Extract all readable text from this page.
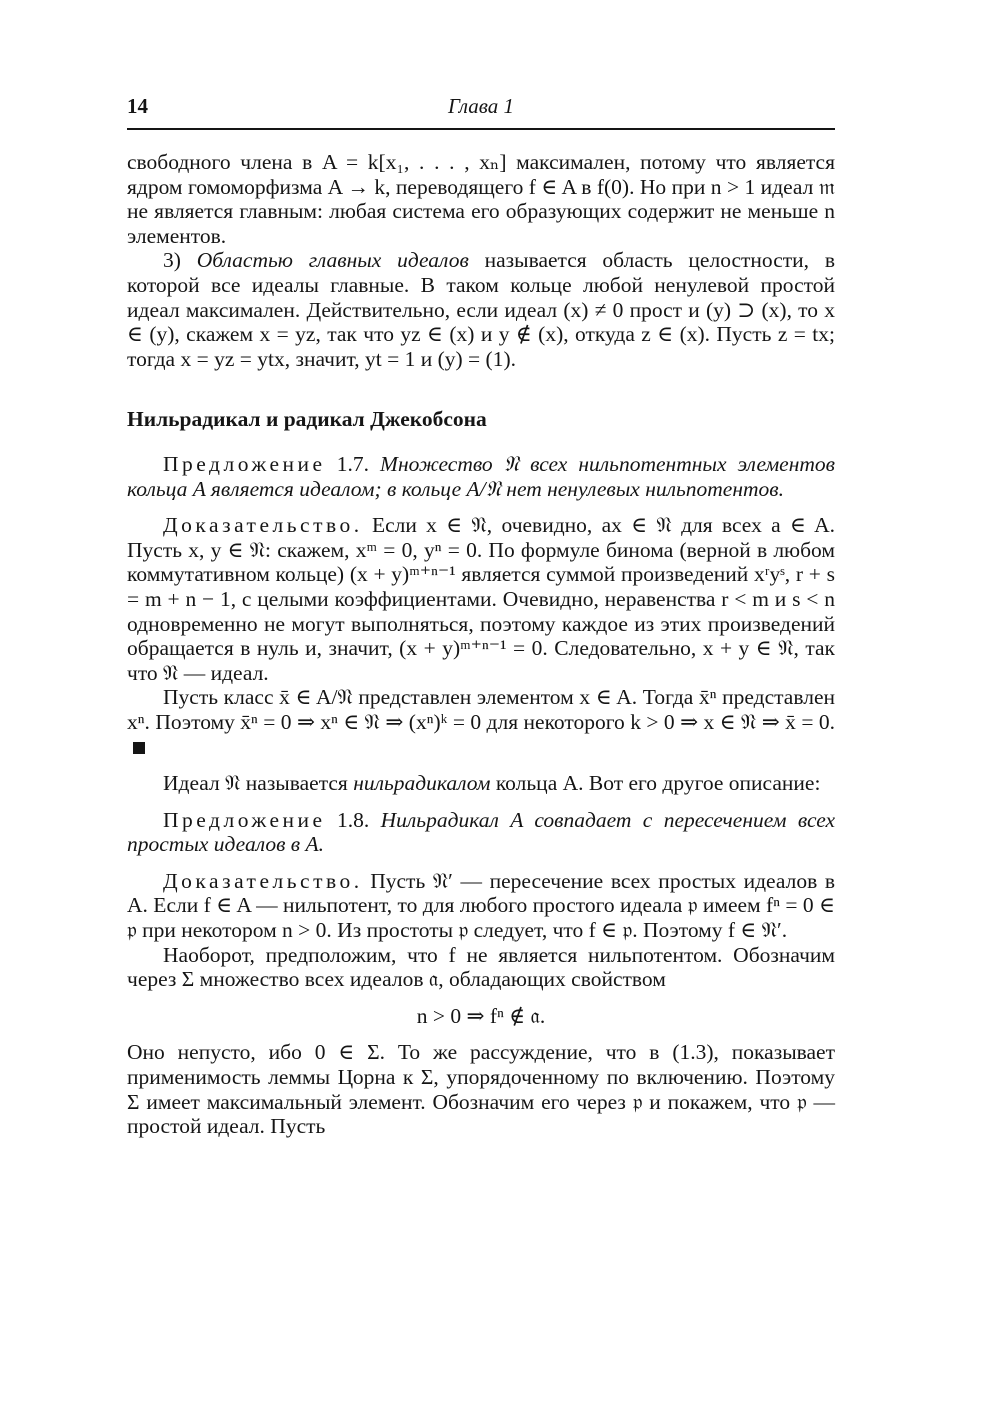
14	Глава 1

свободного члена в A = k[x₁, . . . , xₙ] максимален, потому что является ядром гомоморфизма A → k, переводящего f ∈ A в f(0). Но при n > 1 идеал 𝔪 не является главным: любая система его образующих содержит не меньше n элементов.

3) Областью главных идеалов называется область целостности, в которой все идеалы главные. В таком кольце любой ненулевой простой идеал максимален. Действительно, если идеал (x) ≠ 0 прост и (y) ⊃ (x), то x ∈ (y), скажем x = yz, так что yz ∈ (x) и y ∉ (x), откуда z ∈ (x). Пусть z = tx; тогда x = yz = ytx, значит, yt = 1 и (y) = (1).

Нильрадикал и радикал Джекобсона

Предложение 1.7. Множество 𝔑 всех нильпотентных элементов кольца A является идеалом; в кольце A/𝔑 нет ненулевых нильпотентов.

Доказательство. Если x ∈ 𝔑, очевидно, ax ∈ 𝔑 для всех a ∈ A. Пусть x, y ∈ 𝔑: скажем, xᵐ = 0, yⁿ = 0. По формуле бинома (верной в любом коммутативном кольце) (x + y)ᵐ⁺ⁿ⁻¹ является суммой произведений xʳyˢ, r + s = m + n − 1, с целыми коэффициентами. Очевидно, неравенства r < m и s < n одновременно не могут выполняться, поэтому каждое из этих произведений обращается в нуль и, значит, (x + y)ᵐ⁺ⁿ⁻¹ = 0. Следовательно, x + y ∈ 𝔑, так что 𝔑 — идеал.

Пусть класс x̄ ∈ A/𝔑 представлен элементом x ∈ A. Тогда x̄ⁿ представлен xⁿ. Поэтому x̄ⁿ = 0 ⇒ xⁿ ∈ 𝔑 ⇒ (xⁿ)ᵏ = 0 для некоторого k > 0 ⇒ x ∈ 𝔑 ⇒ x̄ = 0.

Идеал 𝔑 называется нильрадикалом кольца A. Вот его другое описание:

Предложение 1.8. Нильрадикал A совпадает с пересечением всех простых идеалов в A.

Доказательство. Пусть 𝔑′ — пересечение всех простых идеалов в A. Если f ∈ A — нильпотент, то для любого простого идеала 𝔭 имеем fⁿ = 0 ∈ 𝔭 при некотором n > 0. Из простоты 𝔭 следует, что f ∈ 𝔭. Поэтому f ∈ 𝔑′.

Наоборот, предположим, что f не является нильпотентом. Обозначим через Σ множество всех идеалов 𝔞, обладающих свойством

n > 0 ⇒ fⁿ ∉ 𝔞.

Оно непусто, ибо 0 ∈ Σ. То же рассуждение, что в (1.3), показывает применимость леммы Цорна к Σ, упорядоченному по включению. Поэтому Σ имеет максимальный элемент. Обозначим его через 𝔭 и покажем, что 𝔭 — простой идеал. Пусть
